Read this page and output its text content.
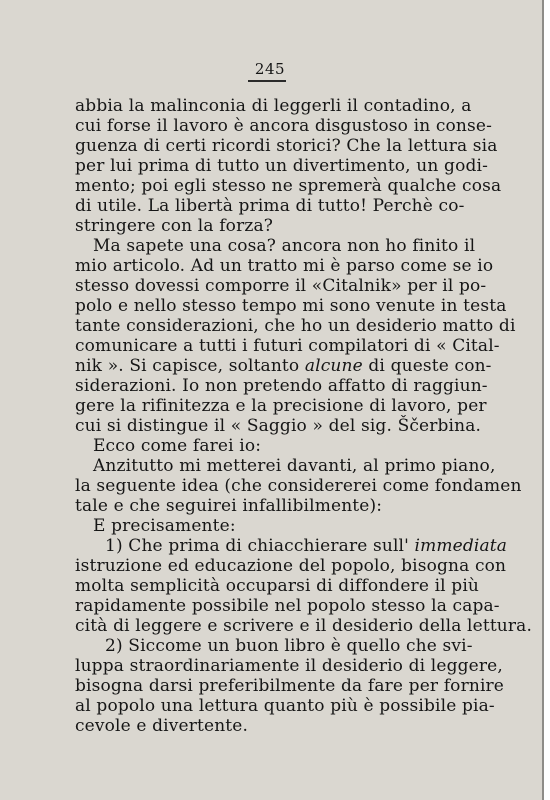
245
abbia la malinconia di leggerli il contadino, a
cui forse il lavoro è ancora disgustoso in conse-
guenza di certi ricordi storici? Che la lettura sia
per lui prima di tutto un divertimento, un godi-
mento; poi egli stesso ne spremerà qualche cosa
di utile. La libertà prima di tutto! Perchè co-
stringere con la forza?
Ma sapete una cosa? ancora non ho finito il
mio articolo. Ad un tratto mi è parso come se io
stesso dovessi comporre il «Citalnik» per il po-
polo e nello stesso tempo mi sono venute in testa
tante considerazioni, che ho un desiderio matto di
comunicare a tutti i futuri compilatori di « Cital-
nik ». Si capisce, soltanto alcune di queste con-
siderazioni. Io non pretendo affatto di raggiun-
gere la rifinitezza e la precisione di lavoro, per
cui si distingue il « Saggio » del sig. Ščerbina.
Ecco come farei io:
Anzitutto mi metterei davanti, al primo piano,
la seguente idea (che considererei come fondamen
tale e che seguirei infallibilmente):
E precisamente:
1) Che prima di chiacchierare sull' immediata
istruzione ed educazione del popolo, bisogna con
molta semplicità occuparsi di diffondere il più
rapidamente possibile nel popolo stesso la capa-
cità di leggere e scrivere e il desiderio della lettura.
2) Siccome un buon libro è quello che svi-
luppa straordinariamente il desiderio di leggere,
bisogna darsi preferibilmente da fare per fornire
al popolo una lettura quanto più è possibile pia-
cevole e divertente.
